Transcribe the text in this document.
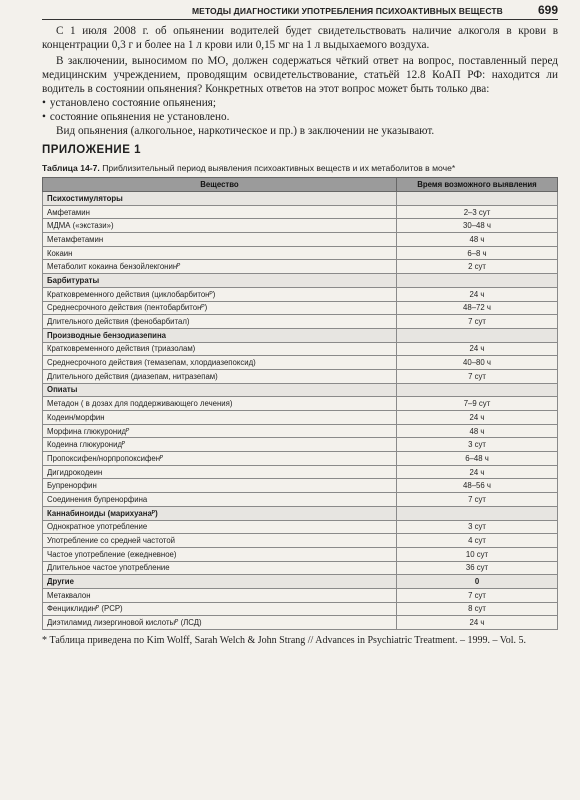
МЕТОДЫ ДИАГНОСТИКИ УПОТРЕБЛЕНИЯ ПСИХОАКТИВНЫХ ВЕЩЕСТВ	699

С 1 июля 2008 г. об опьянении водителей будет свидетельствовать наличие алкоголя в крови в концентрации 0,3 г и более на 1 л крови или 0,15 мг на 1 л выдыхаемого воздуха.

В заключении, выносимом по МО, должен содержаться чёткий ответ на вопрос, поставленный перед медицинским учреждением, проводящим освидетельствование, статьёй 12.8 КоАП РФ: находится ли водитель в состоянии опьянения? Конкретных ответов на этот вопрос может быть только два:

• установлено состояние опьянения;
• состояние опьянения не установлено.

Вид опьянения (алкогольное, наркотическое и пр.) в заключении не указывают.

ПРИЛОЖЕНИЕ 1
Таблица 14-7. Приблизительный период выявления психоактивных веществ и их метаболитов в моче*
Вещество	Время возможного выявления
Психостимуляторы	
Амфетамин	2–3 сут
МДМА («экстази»)	30–48 ч
Метамфетамин	48 ч
Кокаин	6–8 ч
Метаболит кокаина бензойлекгонинᴾ	2 сут
Барбитураты	
Кратковременного действия (циклобарбитонᴾ)	24 ч
Среднесрочного действия (пентобарбитонᴾ)	48–72 ч
Длительного действия (фенобарбитал)	7 сут
Производные бензодиазепина	
Кратковременного действия (триазолам)	24 ч
Среднесрочного действия (темазепам, хлордиазепоксид)	40–80 ч
Длительного действия (диазепам, нитразепам)	7 сут
Опиаты	
Метадон ( в дозах для поддерживающего лечения)	7–9 сут
Кодеин/морфин	24 ч
Морфина глюкуронидᴾ	48 ч
Кодеина глюкуронидᴾ	3 сут
Пропоксифен/норпропоксифенᴾ	6–48 ч
Дигидрокодеин	24 ч
Бупренорфин	48–56 ч
Соединения бупренорфина	7 сут
Каннабиноиды (марихуанаᴾ)	
Однократное употребление	3 сут
Употребление со средней частотой	4 сут
Частое употребление (ежедневное)	10 сут
Длительное частое употребление	36 сут
Другие	0
Метаквалон	7 сут
Фенциклидинᴾ (PCP)	8 сут
Диэтиламид лизергиновой кислотыᴾ (ЛСД)	24 ч

* Таблица приведена по Kim Wolff, Sarah Welch & John Strang // Advances in Psychiatric Treatment. – 1999. – Vol. 5.
